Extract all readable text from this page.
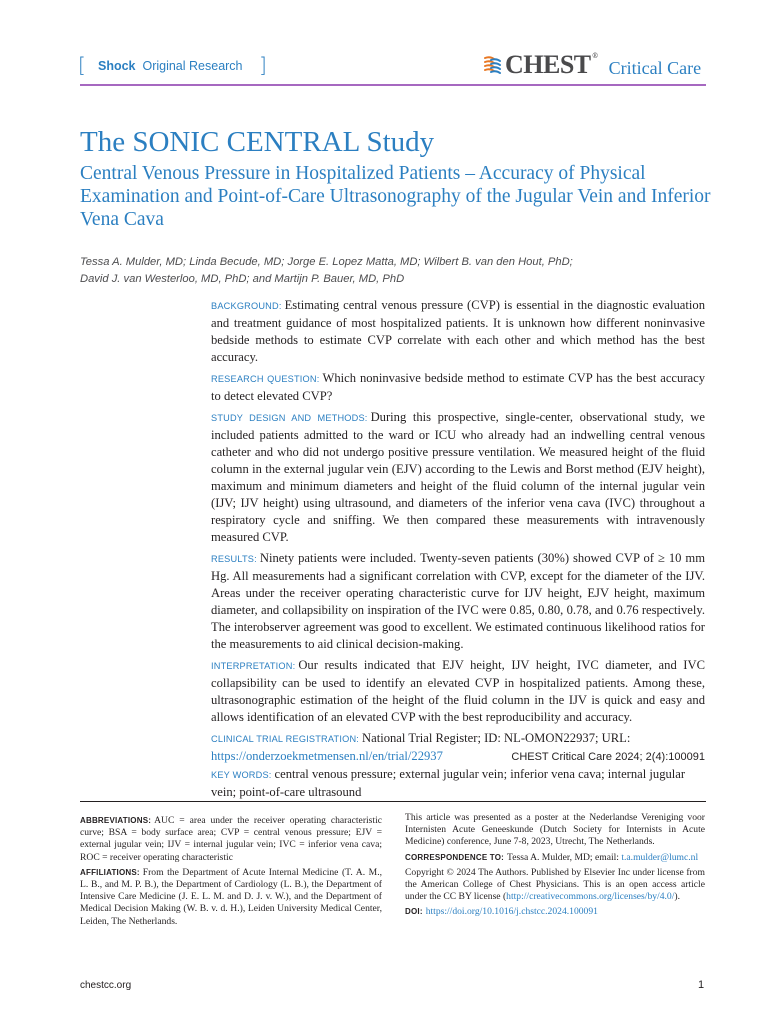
[ Shock Original Research ]	CHEST ®
Critical Care
The SONIC CENTRAL Study
Central Venous Pressure in Hospitalized Patients – Accuracy of Physical Examination and Point-of-Care Ultrasonography of the Jugular Vein and Inferior Vena Cava
Tessa A. Mulder, MD; Linda Becude, MD; Jorge E. Lopez Matta, MD; Wilbert B. van den Hout, PhD;
David J. van Westerloo, MD, PhD; and Martijn P. Bauer, MD, PhD

BACKGROUND: Estimating central venous pressure (CVP) is essential in the diagnostic evaluation and treatment guidance of most hospitalized patients. It is unknown how different noninvasive bedside methods to estimate CVP correlate with each other and which method has the best accuracy.

RESEARCH QUESTION: Which noninvasive bedside method to estimate CVP has the best accuracy to detect elevated CVP?

STUDY DESIGN AND METHODS: During this prospective, single-center, observational study, we included patients admitted to the ward or ICU who already had an indwelling central venous catheter and who did not undergo positive pressure ventilation. We measured height of the fluid column in the external jugular vein (EJV) according to the Lewis and Borst method (EJV height), maximum and minimum diameters and height of the fluid column of the internal jugular vein (IJV; IJV height) using ultrasound, and diameters of the inferior vena cava (IVC) throughout a respiratory cycle and sniffing. We then compared these measurements with intravenously measured CVP.

RESULTS: Ninety patients were included. Twenty-seven patients (30%) showed CVP of ≥ 10 mm Hg. All measurements had a significant correlation with CVP, except for the diameter of the IJV. Areas under the receiver operating characteristic curve for IJV height, EJV height, maximum diameter, and collapsibility on inspiration of the IVC were 0.85, 0.80, 0.78, and 0.76 respectively. The interobserver agreement was good to excellent. We estimated continuous likelihood ratios for the measurements to aid clinical decision-making.

INTERPRETATION: Our results indicated that EJV height, IJV height, IVC diameter, and IVC collapsibility can be used to identify an elevated CVP in hospitalized patients. Among these, ultrasonographic estimation of the height of the fluid column in the IJV is quick and easy and allows identification of an elevated CVP with the best reproducibility and accuracy.

CLINICAL TRIAL REGISTRATION: National Trial Register; ID: NL-OMON22937; URL: https://onderzoekmetmensen.nl/en/trial/22937	CHEST Critical Care 2024; 2(4):100091

KEY WORDS: central venous pressure; external jugular vein; inferior vena cava; internal jugular vein; point-of-care ultrasound

ABBREVIATIONS: AUC = area under the receiver operating characteristic curve; BSA = body surface area; CVP = central venous pressure; EJV = external jugular vein; IJV = internal jugular vein; IVC = inferior vena cava; ROC = receiver operating characteristic

AFFILIATIONS: From the Department of Acute Internal Medicine (T. A. M., L. B., and M. P. B.), the Department of Cardiology (L. B.), the Department of Intensive Care Medicine (J. E. L. M. and D. J. v. W.), and the Department of Medical Decision Making (W. B. v. d. H.), Leiden University Medical Center, Leiden, The Netherlands.

This article was presented as a poster at the Nederlandse Vereniging voor Internisten Acute Geneeskunde (Dutch Society for Internists in Acute Medicine) conference, June 7-8, 2023, Utrecht, The Netherlands.

CORRESPONDENCE TO: Tessa A. Mulder, MD; email: t.a.mulder@lumc.nl

Copyright © 2024 The Authors. Published by Elsevier Inc under license from the American College of Chest Physicians. This is an open access article under the CC BY license (http://creativecommons.org/licenses/by/4.0/).

DOI: https://doi.org/10.1016/j.chstcc.2024.100091

chestcc.org	1
